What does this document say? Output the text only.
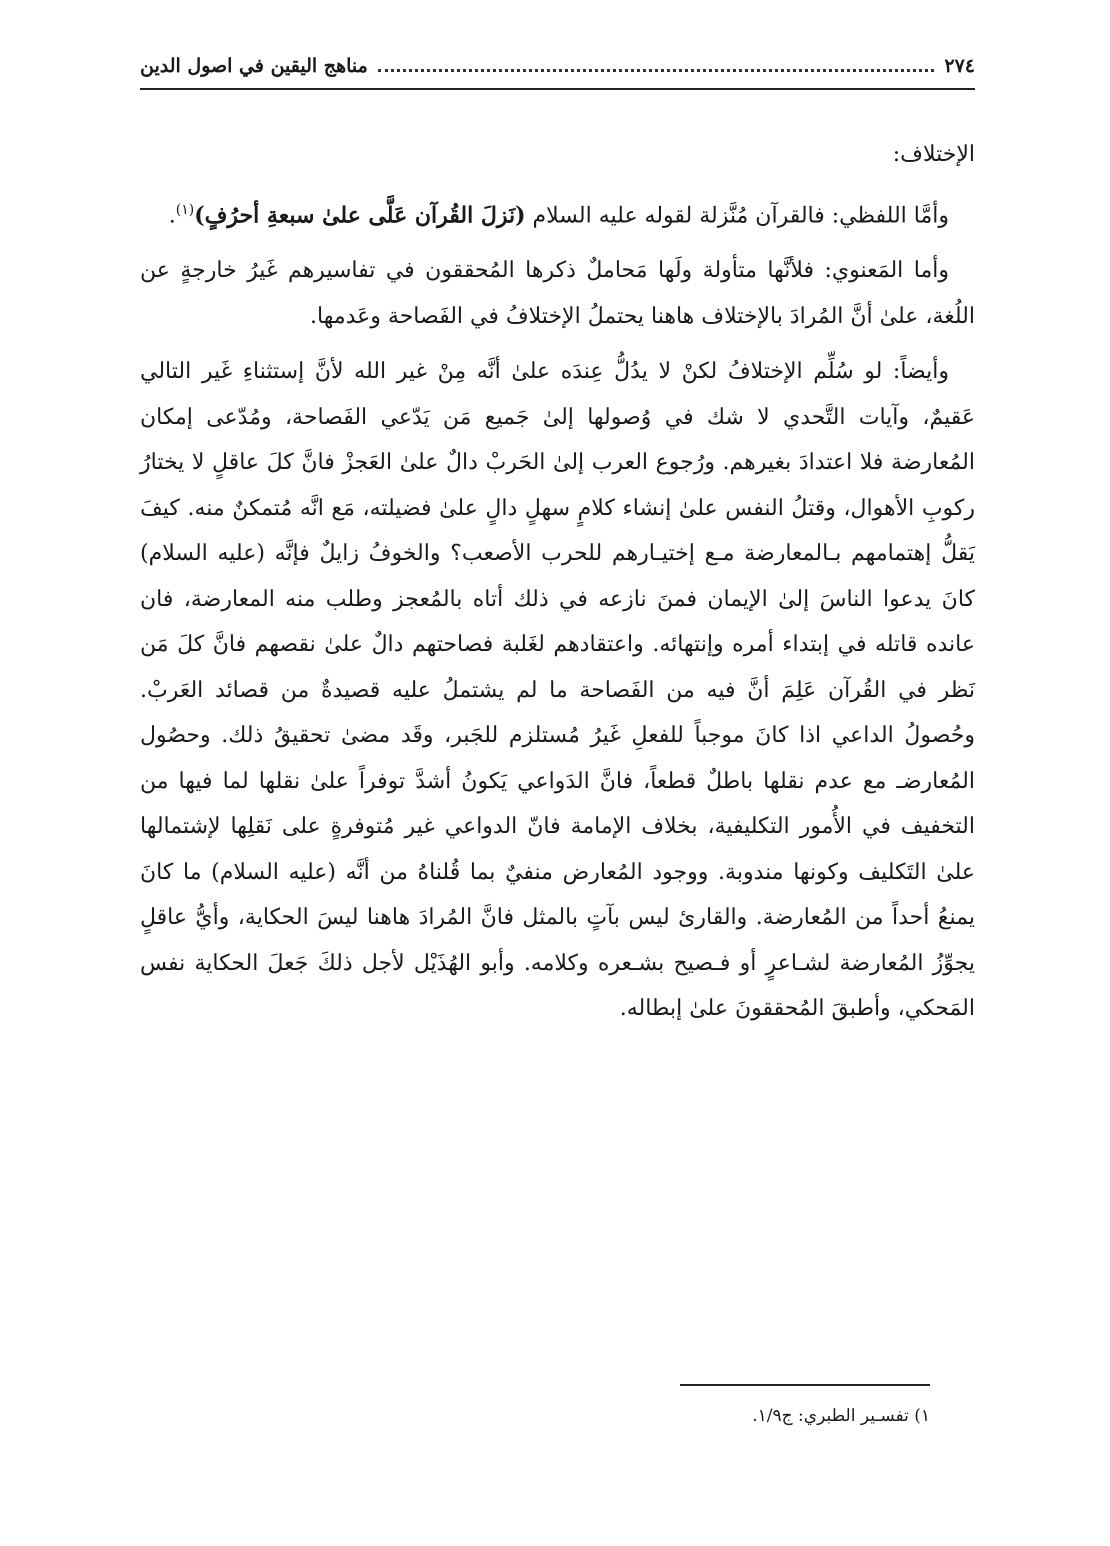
٢٧٤
مناهج اليقين في اصول الدين

الإختلاف:

وأمَّا اللفظي: فالقرآن مُنَّزلة لقوله عليه السلام (نَزلَ القُرآن عَلَّى علىٰ سبعةِ أحرُفٍ)$^{(١)}$.

وأما المَعنوي: فلأنَّها متأولة ولَها مَحاملٌ ذكرها المُحققون في تفاسيرهم غَيرُ خارجةٍ عن اللُغة، علىٰ أنَّ المُرادَ بالإختلاف هاهنا يحتملُ الإختلافُ في الفَصاحة وعَدمها.

وأيضاً: لو سُلِّم الإختلافُ لكنْ لا يدُلُّ عِندَه علىٰ أنَّه مِنْ غير الله لأنَّ إستثناءِ غَير التالي عَقيمٌ، وآيات التَّحدي لا شك في وُصولها إلىٰ جَميع مَن يَدّعي الفَصاحة، ومُدّعى إمكان المُعارضة فلا اعتدادَ بغيرهم. ورُجوع العرب إلىٰ الحَربْ دالٌ علىٰ العَجزْ فانَّ كلَ عاقلٍ لا يختارُ ركوبِ الأهوال، وقتلُ النفس علىٰ إنشاء كلامٍ سهلٍ دالٍ علىٰ فضيلته، مَع انَّه مُتمكنٌ منه. كيفَ يَقلُّ إهتمامهم بـالمعارضة مـع إختيـارهم للحرب الأصعب؟ والخوفُ زايلٌ فإنَّه (عليه السلام) كانَ يدعوا الناسَ إلىٰ الإيمان فمنَ نازعه في ذلك أتاه بالمُعجز وطلب منه المعارضة، فان عانده قاتله في إبتداء أمره وإنتهائه. واعتقادهم لغَلبة فصاحتهم دالٌ علىٰ نقصهم فانَّ كلَ مَن نَظر في القُرآن عَلِمَ أنَّ فيه من الفَصاحة ما لم يشتملُ عليه قصيدةٌ من قصائد العَربْ. وحُصولُ الداعي اذا كانَ موجباً للفعلِ غَيرُ مُستلزم للجَبر، وقَد مضىٰ تحقيقُ ذلك. وحصُول المُعارضـ مع عدم نقلها باطلٌ قطعاً، فانَّ الدَواعي يَكونُ أشدَّ توفراً علىٰ نقلها لما فيها من التخفيف في الأُمور التكليفية، بخلاف الإمامة فانّ الدواعي غير مُتوفرةٍ على نَقلِها لإشتمالها علىٰ التَكليف وكونها مندوبة. ووجود المُعارض منفيٌ بما قُلناهُ من أنَّه (عليه السلام) ما كانَ يمنعُ أحداً من المُعارضة. والقارئ ليس بآتٍ بالمثل فانَّ المُرادَ هاهنا ليسَ الحكاية، وأيُّ عاقلٍ يجوِّزُ المُعارضة لشـاعرٍ أو فـصيح بشـعره وكلامه. وأبو الهُذَيْل لأجل ذلكَ جَعلَ الحكاية نفس المَحكي، وأطبقَ المُحققونَ علىٰ إبطاله.

١) تفسـير الطبري: ج١/٩.
